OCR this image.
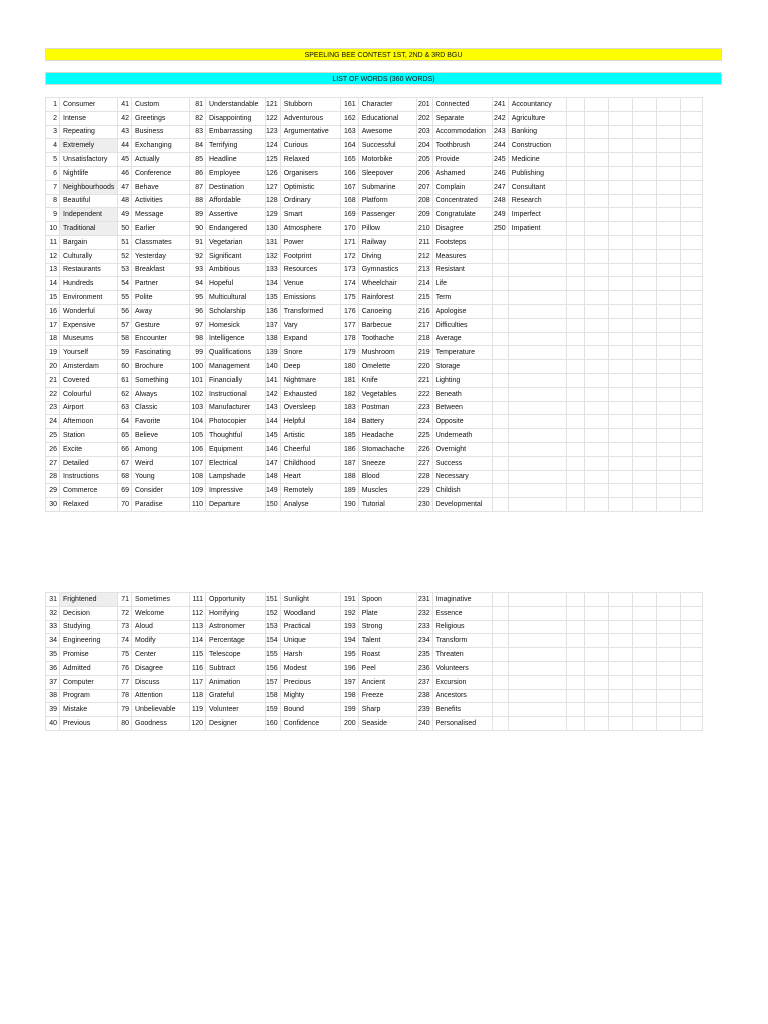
SPEELING BEE CONTEST 1ST, 2ND & 3RD BGU
LIST OF WORDS (360 WORDS)
1	Consumer	41	Custom	81	Understandable	121	Stubborn	161	Character	201	Connected	241	Accountancy						
2	Intense	42	Greetings	82	Disappointing	122	Adventurous	162	Educational	202	Separate	242	Agriculture						
3	Repeating	43	Business	83	Embarrassing	123	Argumentative	163	Awesome	203	Accommodation	243	Banking						
4	Extremely	44	Exchanging	84	Terrifying	124	Curious	164	Successful	204	Toothbrush	244	Construction						
5	Unsatisfactory	45	Actually	85	Headline	125	Relaxed	165	Motorbike	205	Provide	245	Medicine						
6	Nightlife	46	Conference	86	Employee	126	Organisers	166	Sleepover	206	Ashamed	246	Publishing						
7	Neighbourhoods	47	Behave	87	Destination	127	Optimistic	167	Submarine	207	Complain	247	Consultant						
8	Beautiful	48	Activities	88	Affordable	128	Ordinary	168	Platform	208	Concentrated	248	Research						
9	Independent	49	Message	89	Assertive	129	Smart	169	Passenger	209	Congratulate	249	Imperfect						
10	Traditional	50	Earlier	90	Endangered	130	Atmosphere	170	Pillow	210	Disagree	250	Impatient						
11	Bargain	51	Classmates	91	Vegetarian	131	Power	171	Railway	211	Footsteps								
12	Culturally	52	Yesterday	92	Significant	132	Footprint	172	Diving	212	Measures								
13	Restaurants	53	Breakfast	93	Ambitious	133	Resources	173	Gymnastics	213	Resistant								
14	Hundreds	54	Partner	94	Hopeful	134	Venue	174	Wheelchair	214	Life								
15	Environment	55	Polite	95	Multicultural	135	Emissions	175	Rainforest	215	Term								
16	Wonderful	56	Away	96	Scholarship	136	Transformed	176	Canoeing	216	Apologise								
17	Expensive	57	Gesture	97	Homesick	137	Vary	177	Barbecue	217	Difficulties								
18	Museums	58	Encounter	98	Intelligence	138	Expand	178	Toothache	218	Average								
19	Yourself	59	Fascinating	99	Qualifications	139	Snore	179	Mushroom	219	Temperature								
20	Amsterdam	60	Brochure	100	Management	140	Deep	180	Omelette	220	Storage								
21	Covered	61	Something	101	Financially	141	Nightmare	181	Knife	221	Lighting								
22	Colourful	62	Always	102	Instructional	142	Exhausted	182	Vegetables	222	Beneath								
23	Airport	63	Classic	103	Manufacturer	143	Oversleep	183	Postman	223	Between								
24	Afternoon	64	Favorite	104	Photocopier	144	Helpful	184	Battery	224	Opposite								
25	Station	65	Believe	105	Thoughtful	145	Artistic	185	Headache	225	Underneath								
26	Excite	66	Among	106	Equipment	146	Cheerful	186	Stomachache	226	Overnight								
27	Detailed	67	Weird	107	Electrical	147	Childhood	187	Sneeze	227	Success								
28	Instructions	68	Young	108	Lampshade	148	Heart	188	Blood	228	Necessary								
29	Commerce	69	Consider	109	Impressive	149	Remotely	189	Muscles	229	Childish								
30	Relaxed	70	Paradise	110	Departure	150	Analyse	190	Tutorial	230	Developmental								
31	Frightened	71	Sometimes	111	Opportunity	151	Sunlight	191	Spoon	231	Imaginative								
32	Decision	72	Welcome	112	Horrifying	152	Woodland	192	Plate	232	Essence								
33	Studying	73	Aloud	113	Astronomer	153	Practical	193	Strong	233	Religious								
34	Engineering	74	Modify	114	Percentage	154	Unique	194	Talent	234	Transform								
35	Promise	75	Center	115	Telescope	155	Harsh	195	Roast	235	Threaten								
36	Admitted	76	Disagree	116	Subtract	156	Modest	196	Peel	236	Volunteers								
37	Computer	77	Discuss	117	Animation	157	Precious	197	Ancient	237	Excursion								
38	Program	78	Attention	118	Grateful	158	Mighty	198	Freeze	238	Ancestors								
39	Mistake	79	Unbelievable	119	Volunteer	159	Bound	199	Sharp	239	Benefits								
40	Previous	80	Goodness	120	Designer	160	Confidence	200	Seaside	240	Personalised								
